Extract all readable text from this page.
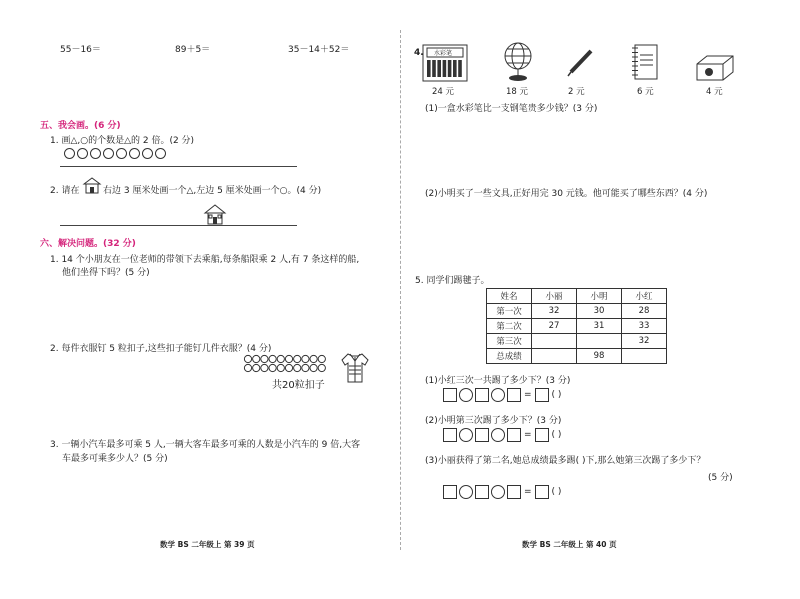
55－16＝	89＋5＝	35－14＋52＝
五、我会画。(6 分)
1. 画△,○的个数是△的 2 倍。(2 分)
2. 请在	右边 3 厘米处画一个△,左边 5 厘米处画一个○。(4 分)
六、解决问题。(32 分)
1. 14 个小朋友在一位老师的带领下去乘船,每条船限乘 2 人,有 7 条这样的船,
他们坐得下吗？(5 分)
2. 每件衣服钉 5 粒扣子,这些扣子能钉几件衣服？(4 分)
共20粒扣子
3. 一辆小汽车最多可乘 5 人,一辆大客车最多可乘的人数是小汽车的 9 倍,大客
车最多可乘多少人？(5 分)
数学 BS 二年级上 第 39 页
4. 水彩笔
24 元	18 元	2 元	6 元	4 元
(1)一盒水彩笔比一支钢笔贵多少钱？(3 分)
(2)小明买了一些文具,正好用完 30 元钱。他可能买了哪些东西？(4 分)
5. 同学们踢毽子。
姓名	小丽	小明	小红
第一次	32	30	28
第二次	27	31	33
第三次			32
总成绩		98	
(1)小红三次一共踢了多少下？(3 分)
= ( )
(2)小明第三次踢了多少下？(3 分)
= ( )
(3)小丽获得了第二名,她总成绩最多踢( )下,那么她第三次踢了多少下？
(5 分)
= ( )
数学 BS 二年级上 第 40 页
